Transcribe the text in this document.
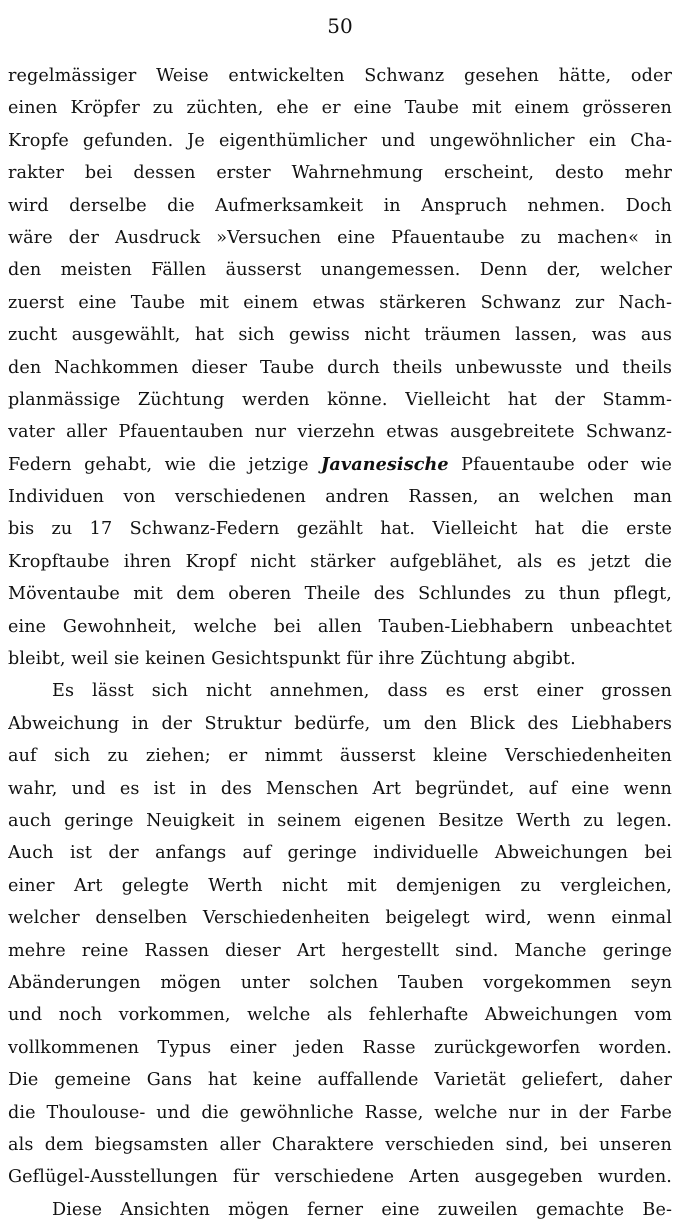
50
regelmässiger Weise entwickelten Schwanz gesehen hätte, oder
einen Kröpfer zu züchten, ehe er eine Taube mit einem grösseren
Kropfe gefunden. Je eigenthümlicher und ungewöhnlicher ein Cha-
rakter bei dessen erster Wahrnehmung erscheint, desto mehr
wird derselbe die Aufmerksamkeit in Anspruch nehmen. Doch
wäre der Ausdruck »Versuchen eine Pfauentaube zu machen« in
den meisten Fällen äusserst unangemessen. Denn der, welcher
zuerst eine Taube mit einem etwas stärkeren Schwanz zur Nach-
zucht ausgewählt, hat sich gewiss nicht träumen lassen, was aus
den Nachkommen dieser Taube durch theils unbewusste und theils
planmässige Züchtung werden könne. Vielleicht hat der Stamm-
vater aller Pfauentauben nur vierzehn etwas ausgebreitete Schwanz-
Federn gehabt, wie die jetzige Javanesische Pfauentaube oder wie
Individuen von verschiedenen andren Rassen, an welchen man
bis zu 17 Schwanz-Federn gezählt hat. Vielleicht hat die erste
Kropftaube ihren Kropf nicht stärker aufgeblähet, als es jetzt die
Möventaube mit dem oberen Theile des Schlundes zu thun pflegt,
eine Gewohnheit, welche bei allen Tauben-Liebhabern unbeachtet
bleibt, weil sie keinen Gesichtspunkt für ihre Züchtung abgibt.
Es lässt sich nicht annehmen, dass es erst einer grossen
Abweichung in der Struktur bedürfe, um den Blick des Liebhabers
auf sich zu ziehen; er nimmt äusserst kleine Verschiedenheiten
wahr, und es ist in des Menschen Art begründet, auf eine wenn
auch geringe Neuigkeit in seinem eigenen Besitze Werth zu legen.
Auch ist der anfangs auf geringe individuelle Abweichungen bei
einer Art gelegte Werth nicht mit demjenigen zu vergleichen,
welcher denselben Verschiedenheiten beigelegt wird, wenn einmal
mehre reine Rassen dieser Art hergestellt sind. Manche geringe
Abänderungen mögen unter solchen Tauben vorgekommen seyn
und noch vorkommen, welche als fehlerhafte Abweichungen vom
vollkommenen Typus einer jeden Rasse zurückgeworfen worden.
Die gemeine Gans hat keine auffallende Varietät geliefert, daher
die Thoulouse- und die gewöhnliche Rasse, welche nur in der Farbe
als dem biegsamsten aller Charaktere verschieden sind, bei unseren
Geflügel-Ausstellungen für verschiedene Arten ausgegeben wurden.
Diese Ansichten mögen ferner eine zuweilen gemachte Be-
